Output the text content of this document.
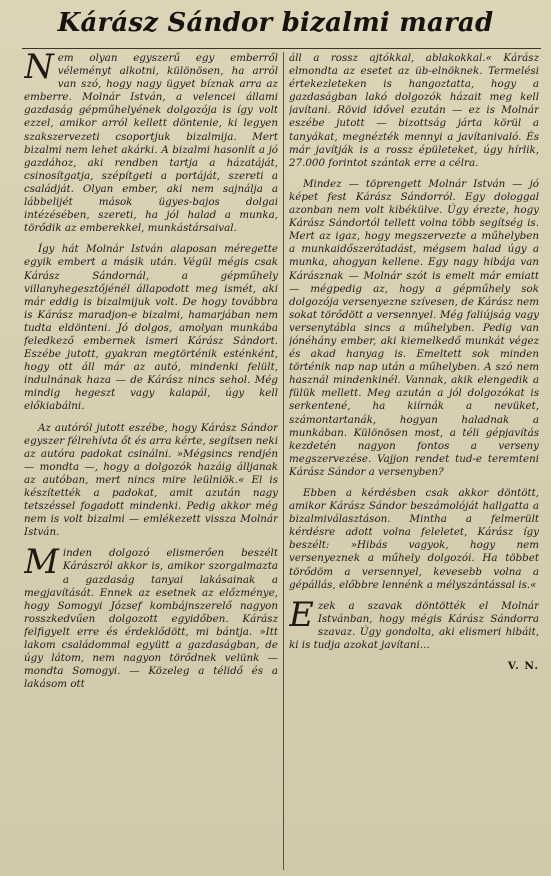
Kárász Sándor bizalmi marad

Nem olyan egyszerű egy emberről véleményt alkotni, különösen, ha arról van szó, hogy nagy ügyet bíznak arra az emberre. Molnár István, a velencei állami gazdaság gépműhelyének dolgozója is így volt ezzel, amikor arról kellett döntenie, ki legyen szakszervezeti csoportjuk bizalmija. Mert bizalmi nem lehet akárki. A bizalmi hasonlít a jó gazdához, aki rendben tartja a házatáját, csinosítgatja, szépítgeti a portáját, szereti a családját. Olyan ember, aki nem sajnálja a lábbelijét mások ügyes-bajos dolgai intézésében, szereti, ha jól halad a munka, törődik az emberekkel, munkástársaival.

Így hát Molnár István alaposan méregette egyik embert a másik után. Végül mégis csak Kárász Sándornál, a gépműhely villanyhegesztőjénél állapodott meg ismét, aki már eddig is bizalmijuk volt. De hogy továbbra is Kárász maradjon-e bizalmi, hamarjában nem tudta eldönteni. Jó dolgos, amolyan munkába feledkező embernek ismeri Kárász Sándort. Eszébe jutott, gyakran megtörténik esténként, hogy ott áll már az autó, mindenki felült, indulnának haza — de Kárász nincs sehol. Még mindig hegeszt vagy kalapál, úgy kell előkiabálni.

Az autóról jutott eszébe, hogy Kárász Sándor egyszer félrehívta őt és arra kérte, segítsen neki az autóra padokat csinálni. »Mégsincs rendjén — mondta —, hogy a dolgozók hazáig álljanak az autóban, mert nincs mire leülniök.« El is készítették a padokat, amit azután nagy tetszéssel fogadott mindenki. Pedig akkor még nem is volt bizalmi — emlékezett vissza Molnár István.

Minden dolgozó elismerően beszélt Kárászról akkor is, amikor szorgalmazta a gazdaság tanyai lakásainak a megjavítását. Ennek az esetnek az előzménye, hogy Somogyi József kombájnszerelő nagyon rosszkedvűen dolgozott egyidőben. Kárász felfigyelt erre és érdeklődött, mi bántja. »Itt lakom családommal együtt a gazdaságban, de úgy látom, nem nagyon törődnek velünk — mondta Somogyi. — Közeleg a télidő és a lakásom ott

áll a rossz ajtókkal, ablakokkal.« Kárász elmondta az esetet az üb-elnöknek. Termelési értekezleteken is hangoztatta, hogy a gazdaságban lakó dolgozók házait meg kell javítani. Rövid idővel ezután — ez is Molnár eszébe jutott — bizottság járta körül a tanyákat, megnézték mennyi a javítanivaló. És már javítják is a rossz épületeket, úgy hírlik, 27.000 forintot szántak erre a célra.

Mindez — töprengett Molnár István — jó képet fest Kárász Sándorról. Egy dologgal azonban nem volt kibékülve. Úgy érezte, hogy Kárász Sándortól tellett volna több segítség is. Mert az igaz, hogy megszervezte a műhelyben a munkaidőszerátadást, mégsem halad úgy a munka, ahogyan kellene. Egy nagy hibája van Kárásznak — Molnár szót is emelt már emiatt — mégpedig az, hogy a gépműhely sok dolgozója versenyezne szívesen, de Kárász nem sokat törődött a versennyel. Még faliújság vagy versenytábla sincs a műhelyben. Pedig van jónéhány ember, aki kiemelkedő munkát végez és akad hanyag is. Emeltett sok minden történik nap nap után a műhelyben. A szó nem használ mindenkinél. Vannak, akik elengedik a fülük mellett. Meg azután a jól dolgozókat is serkentené, ha kiírnák a nevüket, számontartanák, hogyan haladnak a munkában. Különösen most, a téli gépjavítás kezdetén nagyon fontos a verseny megszervezése. Vajjon rendet tud-e teremteni Kárász Sándor a versenyben?

Ebben a kérdésben csak akkor döntött, amikor Kárász Sándor beszámolóját hallgatta a bizalmiválasztáson. Mintha a felmerült kérdésre adott volna feleletet, Kárász így beszélt: »Hibás vagyok, hogy nem versenyeznek a műhely dolgozói. Ha többet törődöm a versennyel, kevesebb volna a gépállás, előbbre lennénk a mélyszántással is.«

Ezek a szavak döntötték el Molnár Istvánban, hogy mégis Kárász Sándorra szavaz. Úgy gondolta, aki elismeri hibáit, ki is tudja azokat javítani...

V. N.
